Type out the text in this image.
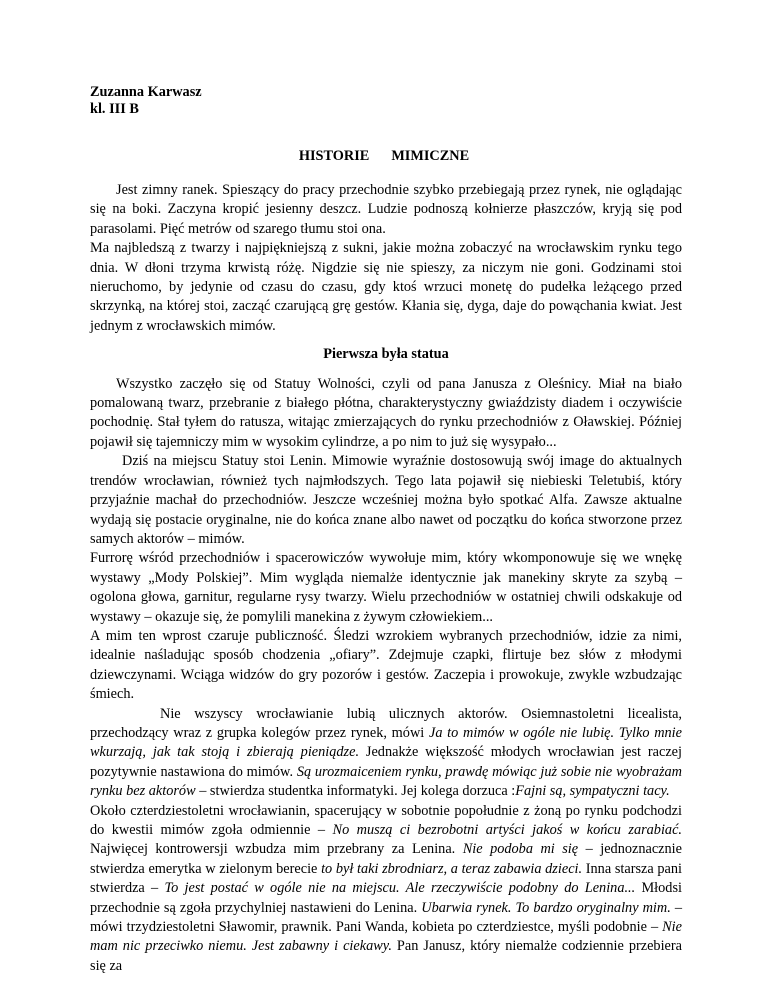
Zuzanna Karwasz
kl. III B
HISTORIE MIMICZNE

Jest zimny ranek. Spieszący do pracy przechodnie szybko przebiegają przez rynek, nie oglądając się na boki. Zaczyna kropić jesienny deszcz. Ludzie podnoszą kołnierze płaszczów, kryją się pod parasolami. Pięć metrów od szarego tłumu stoi ona.

Ma najbledszą z twarzy i najpiękniejszą z sukni, jakie można zobaczyć na wrocławskim rynku tego dnia. W dłoni trzyma krwistą różę. Nigdzie się nie spieszy, za niczym nie goni. Godzinami stoi nieruchomo, by jedynie od czasu do czasu, gdy ktoś wrzuci monetę do pudełka leżącego przed skrzynką, na której stoi, zacząć czarującą grę gestów. Kłania się, dyga, daje do powąchania kwiat. Jest jednym z wrocławskich mimów.

Pierwsza była statua

Wszystko zaczęło się od Statuy Wolności, czyli od pana Janusza z Oleśnicy. Miał na biało pomalowaną twarz, przebranie z białego płótna, charakterystyczny gwiaździsty diadem i oczywiście pochodnię. Stał tyłem do ratusza, witając zmierzających do rynku przechodniów z Oławskiej. Później pojawił się tajemniczy mim w wysokim cylindrze, a po nim to już się wysypało...

Dziś na miejscu Statuy stoi Lenin. Mimowie wyraźnie dostosowują swój image do aktualnych trendów wrocławian, również tych najmłodszych. Tego lata pojawił się niebieski Teletubiś, który przyjaźnie machał do przechodniów. Jeszcze wcześniej można było spotkać Alfa. Zawsze aktualne wydają się postacie oryginalne, nie do końca znane albo nawet od początku do końca stworzone przez samych aktorów – mimów.

Furrorę wśród przechodniów i spacerowiczów wywołuje mim, który wkomponowuje się we wnękę wystawy „Mody Polskiej”. Mim wygląda niemalże identycznie jak manekiny skryte za szybą – ogolona głowa, garnitur, regularne rysy twarzy. Wielu przechodniów w ostatniej chwili odskakuje od wystawy – okazuje się, że pomylili manekina z żywym człowiekiem...

A mim ten wprost czaruje publiczność. Śledzi wzrokiem wybranych przechodniów, idzie za nimi, idealnie naśladując sposób chodzenia „ofiary”. Zdejmuje czapki, flirtuje bez słów z młodymi dziewczynami. Wciąga widzów do gry pozorów i gestów. Zaczepia i prowokuje, zwykle wzbudzając śmiech.

Nie wszyscy wrocławianie lubią ulicznych aktorów. Osiemnastoletni licealista, przechodzący wraz z grupka kolegów przez rynek, mówi Ja to mimów w ogóle nie lubię. Tylko mnie wkurzają, jak tak stoją i zbierają pieniądze. Jednakże większość młodych wrocławian jest raczej pozytywnie nastawiona do mimów. Są urozmaiceniem rynku, prawdę mówiąc już sobie nie wyobrażam rynku bez aktorów – stwierdza studentka informatyki. Jej kolega dorzuca :Fajni są, sympatyczni tacy.

Około czterdziestoletni wrocławianin, spacerujący w sobotnie popołudnie z żoną po rynku podchodzi do kwestii mimów zgoła odmiennie – No muszą ci bezrobotni artyści jakoś w końcu zarabiać. Najwięcej kontrowersji wzbudza mim przebrany za Lenina. Nie podoba mi się – jednoznacznie stwierdza emerytka w zielonym berecie to był taki zbrodniarz, a teraz zabawia dzieci. Inna starsza pani stwierdza – To jest postać w ogóle nie na miejscu. Ale rzeczywiście podobny do Lenina... Młodsi przechodnie są zgoła przychylniej nastawieni do Lenina. Ubarwia rynek. To bardzo oryginalny mim. – mówi trzydziestoletni Sławomir, prawnik. Pani Wanda, kobieta po czterdziestce, myśli podobnie – Nie mam nic przeciwko niemu. Jest zabawny i ciekawy. Pan Janusz, który niemalże codziennie przebiera się za
